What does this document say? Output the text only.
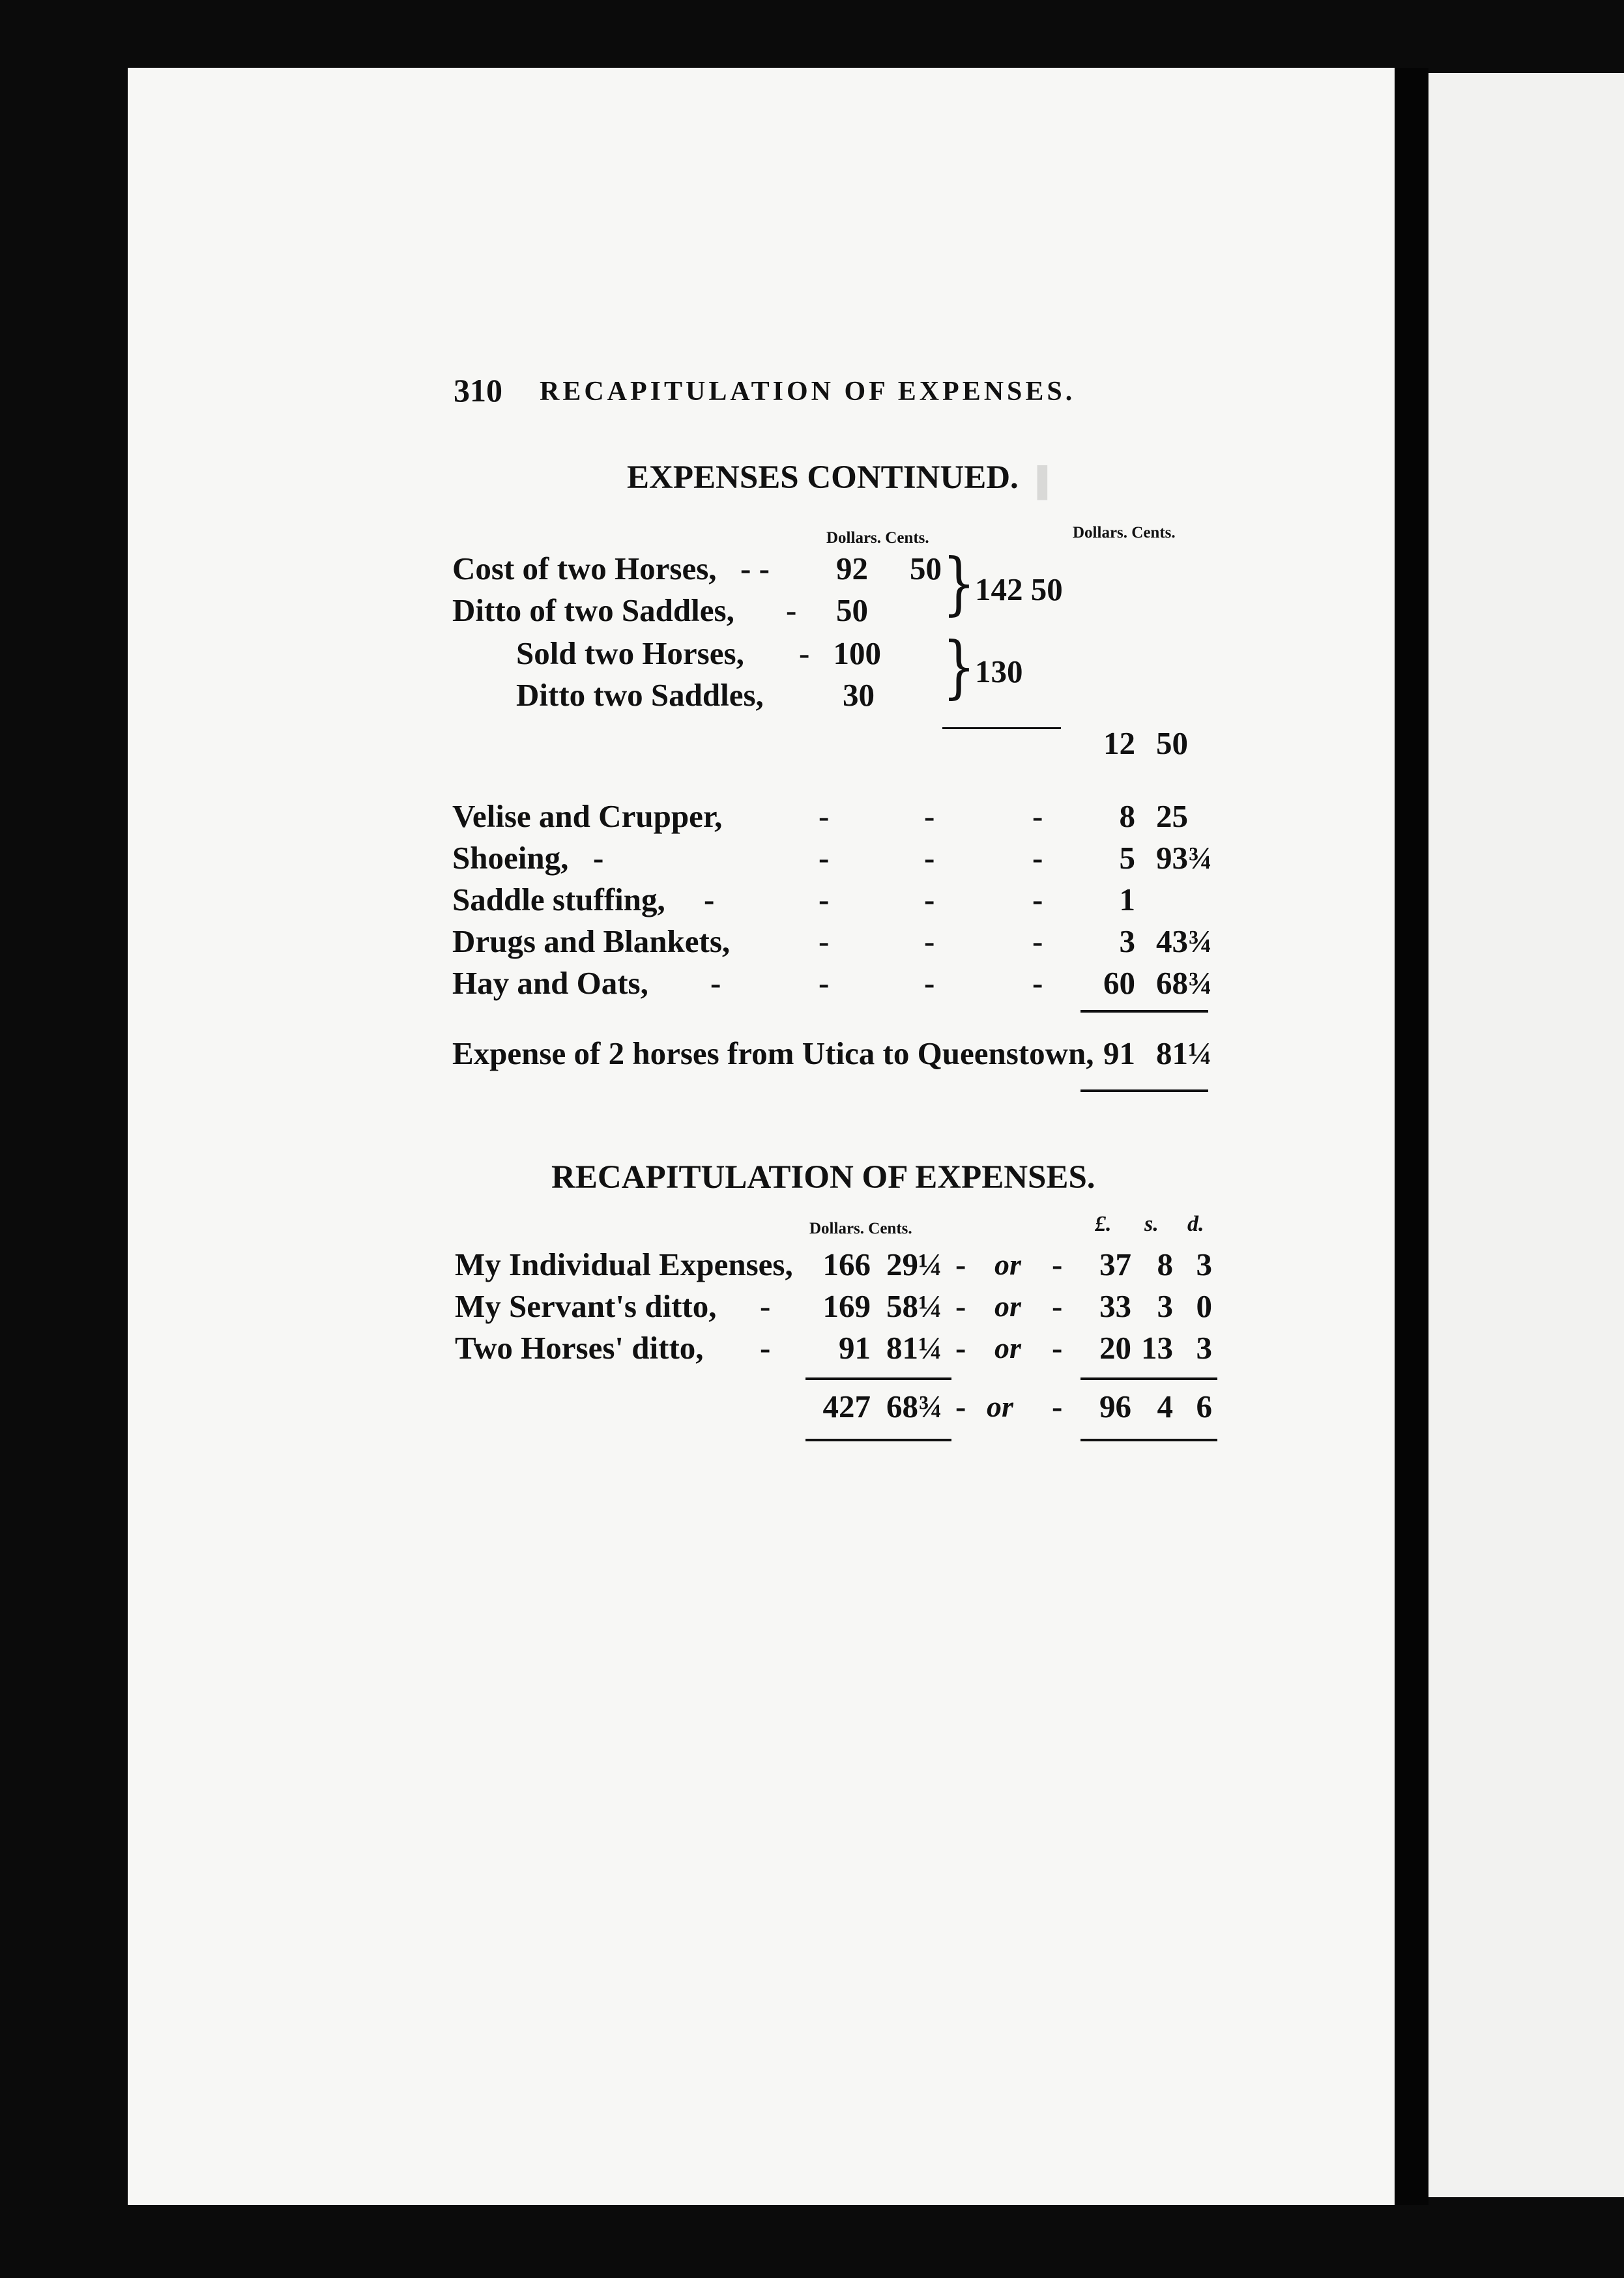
▐
310 RECAPITULATION OF EXPENSES.
EXPENSES CONTINUED.
Dollars. Cents.	Dollars. Cents.
Cost of two Horses, - -	92 50
Ditto of two Saddles, -	50 } 142 50
Sold two Horses, - 100
Ditto two Saddles,	30 } 130
12 50
Velise and Crupper,	-	-	-	8 25
Shoeing, -	-	-	-	5 93¾
Saddle stuffing, -	-	-	-	1
Drugs and Blankets,	-	-	-	3 43¾
Hay and Oats, -	-	-	-	60 68¾
Expense of 2 horses from Utica to Queenstown, 91 81¼
RECAPITULATION OF EXPENSES.
Dollars. Cents.	£. s. d.
My Individual Expenses, 166 29¼ - or -	37 8 3
My Servant's ditto, -	169 58¼ - or -	33 3 0
Two Horses' ditto, -	91 81¼ - or -	20 13 3
427 68¾ - or -	96 4 6
